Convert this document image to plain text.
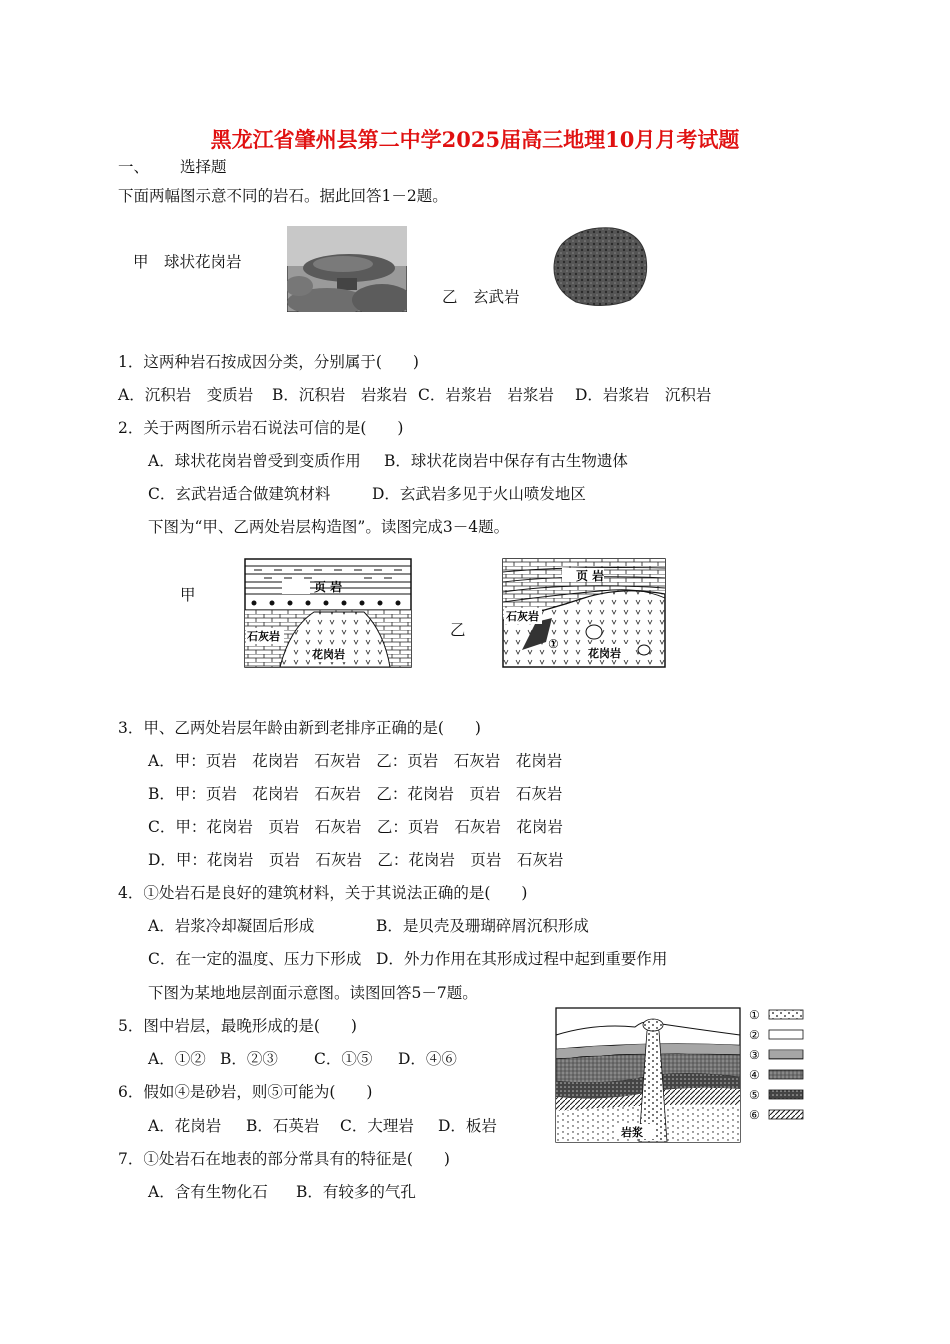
黑龙江省肇州县第二中学2025届高三地理10月月考试题
一、 选择题
下面两幅图示意不同的岩石。据此回答1－2题。
甲　球状花岗岩
乙　玄武岩
1．这两种岩石按成因分类，分别属于(　　)
A．沉积岩　变质岩 B．沉积岩　岩浆岩 C．岩浆岩　岩浆岩 D．岩浆岩　沉积岩
2．关于两图所示岩石说法可信的是(　　)
A．球状花岗岩曾受到变质作用 B．球状花岗岩中保存有古生物遗体
C．玄武岩适合做建筑材料	D．玄武岩多见于火山喷发地区
下图为“甲、乙两处岩层构造图”。读图完成3－4题。
甲	页 岩
石灰岩
花岗岩
乙
页 岩
石灰岩
①
花岗岩
3．甲、乙两处岩层年龄由新到老排序正确的是(　　)
A．甲：页岩　花岗岩　石灰岩　乙：页岩　石灰岩　花岗岩
B．甲：页岩　花岗岩　石灰岩　乙：花岗岩　页岩　石灰岩
C．甲：花岗岩　页岩　石灰岩　乙：页岩　石灰岩　花岗岩
D．甲：花岗岩　页岩　石灰岩　乙：花岗岩　页岩　石灰岩
4．①处岩石是良好的建筑材料，关于其说法正确的是(　　)
A．岩浆冷却凝固后形成	B．是贝壳及珊瑚碎屑沉积形成
C．在一定的温度、压力下形成 D．外力作用在其形成过程中起到重要作用
下图为某地地层剖面示意图。读图回答5－7题。
岩浆
①
②
③
④
⑤
⑥
5．图中岩层，最晚形成的是(　　)
A．①② B．②③ C．①⑤ D．④⑥
6．假如④是砂岩，则⑤可能为(　　)
A．花岗岩 B．石英岩 C．大理岩 D．板岩
7．①处岩石在地表的部分常具有的特征是(　　)
A．含有生物化石 B．有较多的气孔
